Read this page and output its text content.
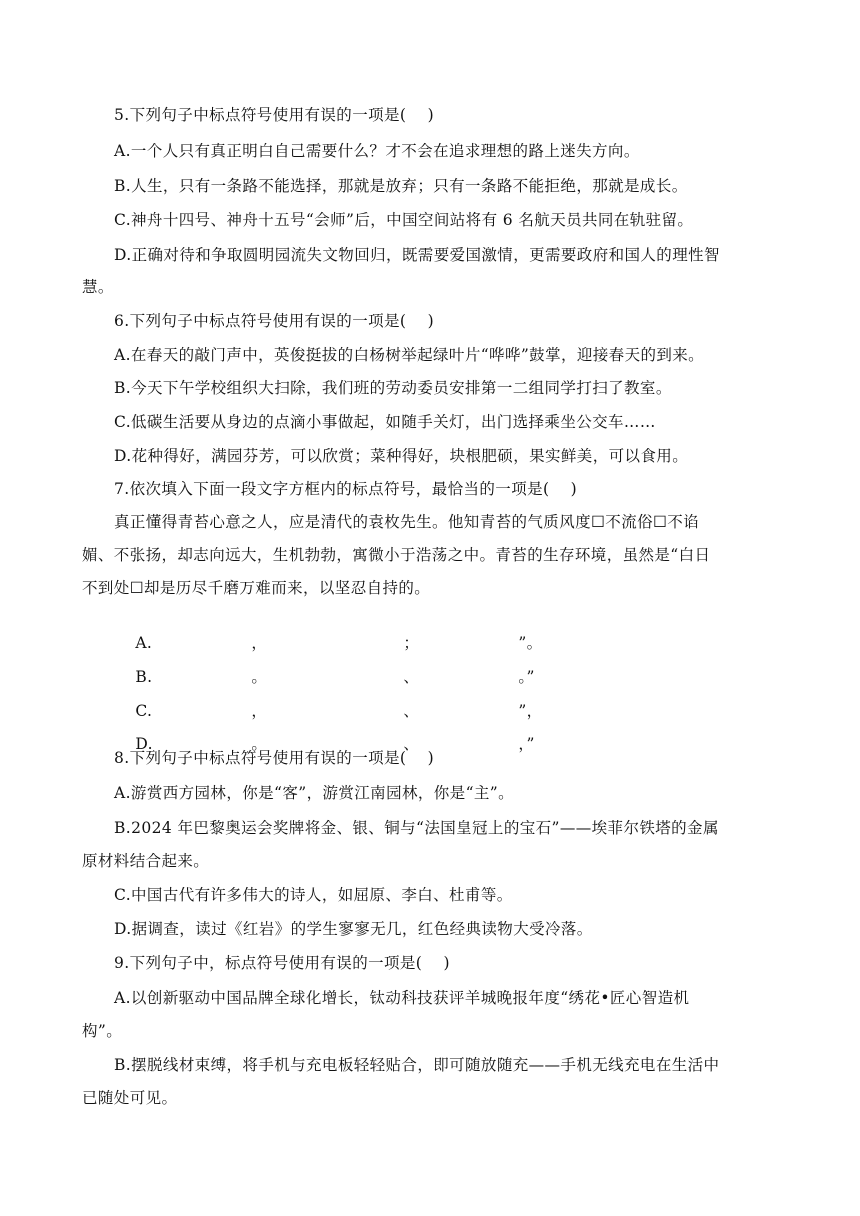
5.下列句子中标点符号使用有误的一项是(　 )
A.一个人只有真正明白自己需要什么？才不会在追求理想的路上迷失方向。
B.人生，只有一条路不能选择，那就是放弃；只有一条路不能拒绝，那就是成长。
C.神舟十四号、神舟十五号“会师”后，中国空间站将有 6 名航天员共同在轨驻留。
D.正确对待和争取圆明园流失文物回归，既需要爱国激情，更需要政府和国人的理性智
慧。
6.下列句子中标点符号使用有误的一项是(　 )
A.在春天的敲门声中，英俊挺拔的白杨树举起绿叶片“哗哗”鼓掌，迎接春天的到来。
B.今天下午学校组织大扫除，我们班的劳动委员安排第一二组同学打扫了教室。
C.低碳生活要从身边的点滴小事做起，如随手关灯，出门选择乘坐公交车……
D.花种得好，满园芬芳，可以欣赏；菜种得好，块根肥硕，果实鲜美，可以食用。
7.依次填入下面一段文字方框内的标点符号，最恰当的一项是(　 )
真正懂得青苔心意之人，应是清代的袁枚先生。他知青苔的气质风度☐不流俗☐不谄
媚、不张扬，却志向远大，生机勃勃，寓微小于浩荡之中。青苔的生存环境，虽然是“白日
不到处☐却是历尽千磨万难而来，以坚忍自持的。

A.	，	；	”。

B.	。	、	。”

C.	，	、	”，

D.	。	、	，”

8.下列句子中标点符号使用有误的一项是(　 )
A.游赏西方园林，你是“客”，游赏江南园林，你是“主”。
B.2024 年巴黎奥运会奖牌将金、银、铜与“法国皇冠上的宝石”——埃菲尔铁塔的金属
原材料结合起来。
C.中国古代有许多伟大的诗人，如屈原、李白、杜甫等。
D.据调查，读过《红岩》的学生寥寥无几，红色经典读物大受冷落。
9.下列句子中，标点符号使用有误的一项是(　 )
A.以创新驱动中国品牌全球化增长，钛动科技获评羊城晚报年度“绣花•匠心智造机
构”。
B.摆脱线材束缚，将手机与充电板轻轻贴合，即可随放随充——手机无线充电在生活中
已随处可见。
